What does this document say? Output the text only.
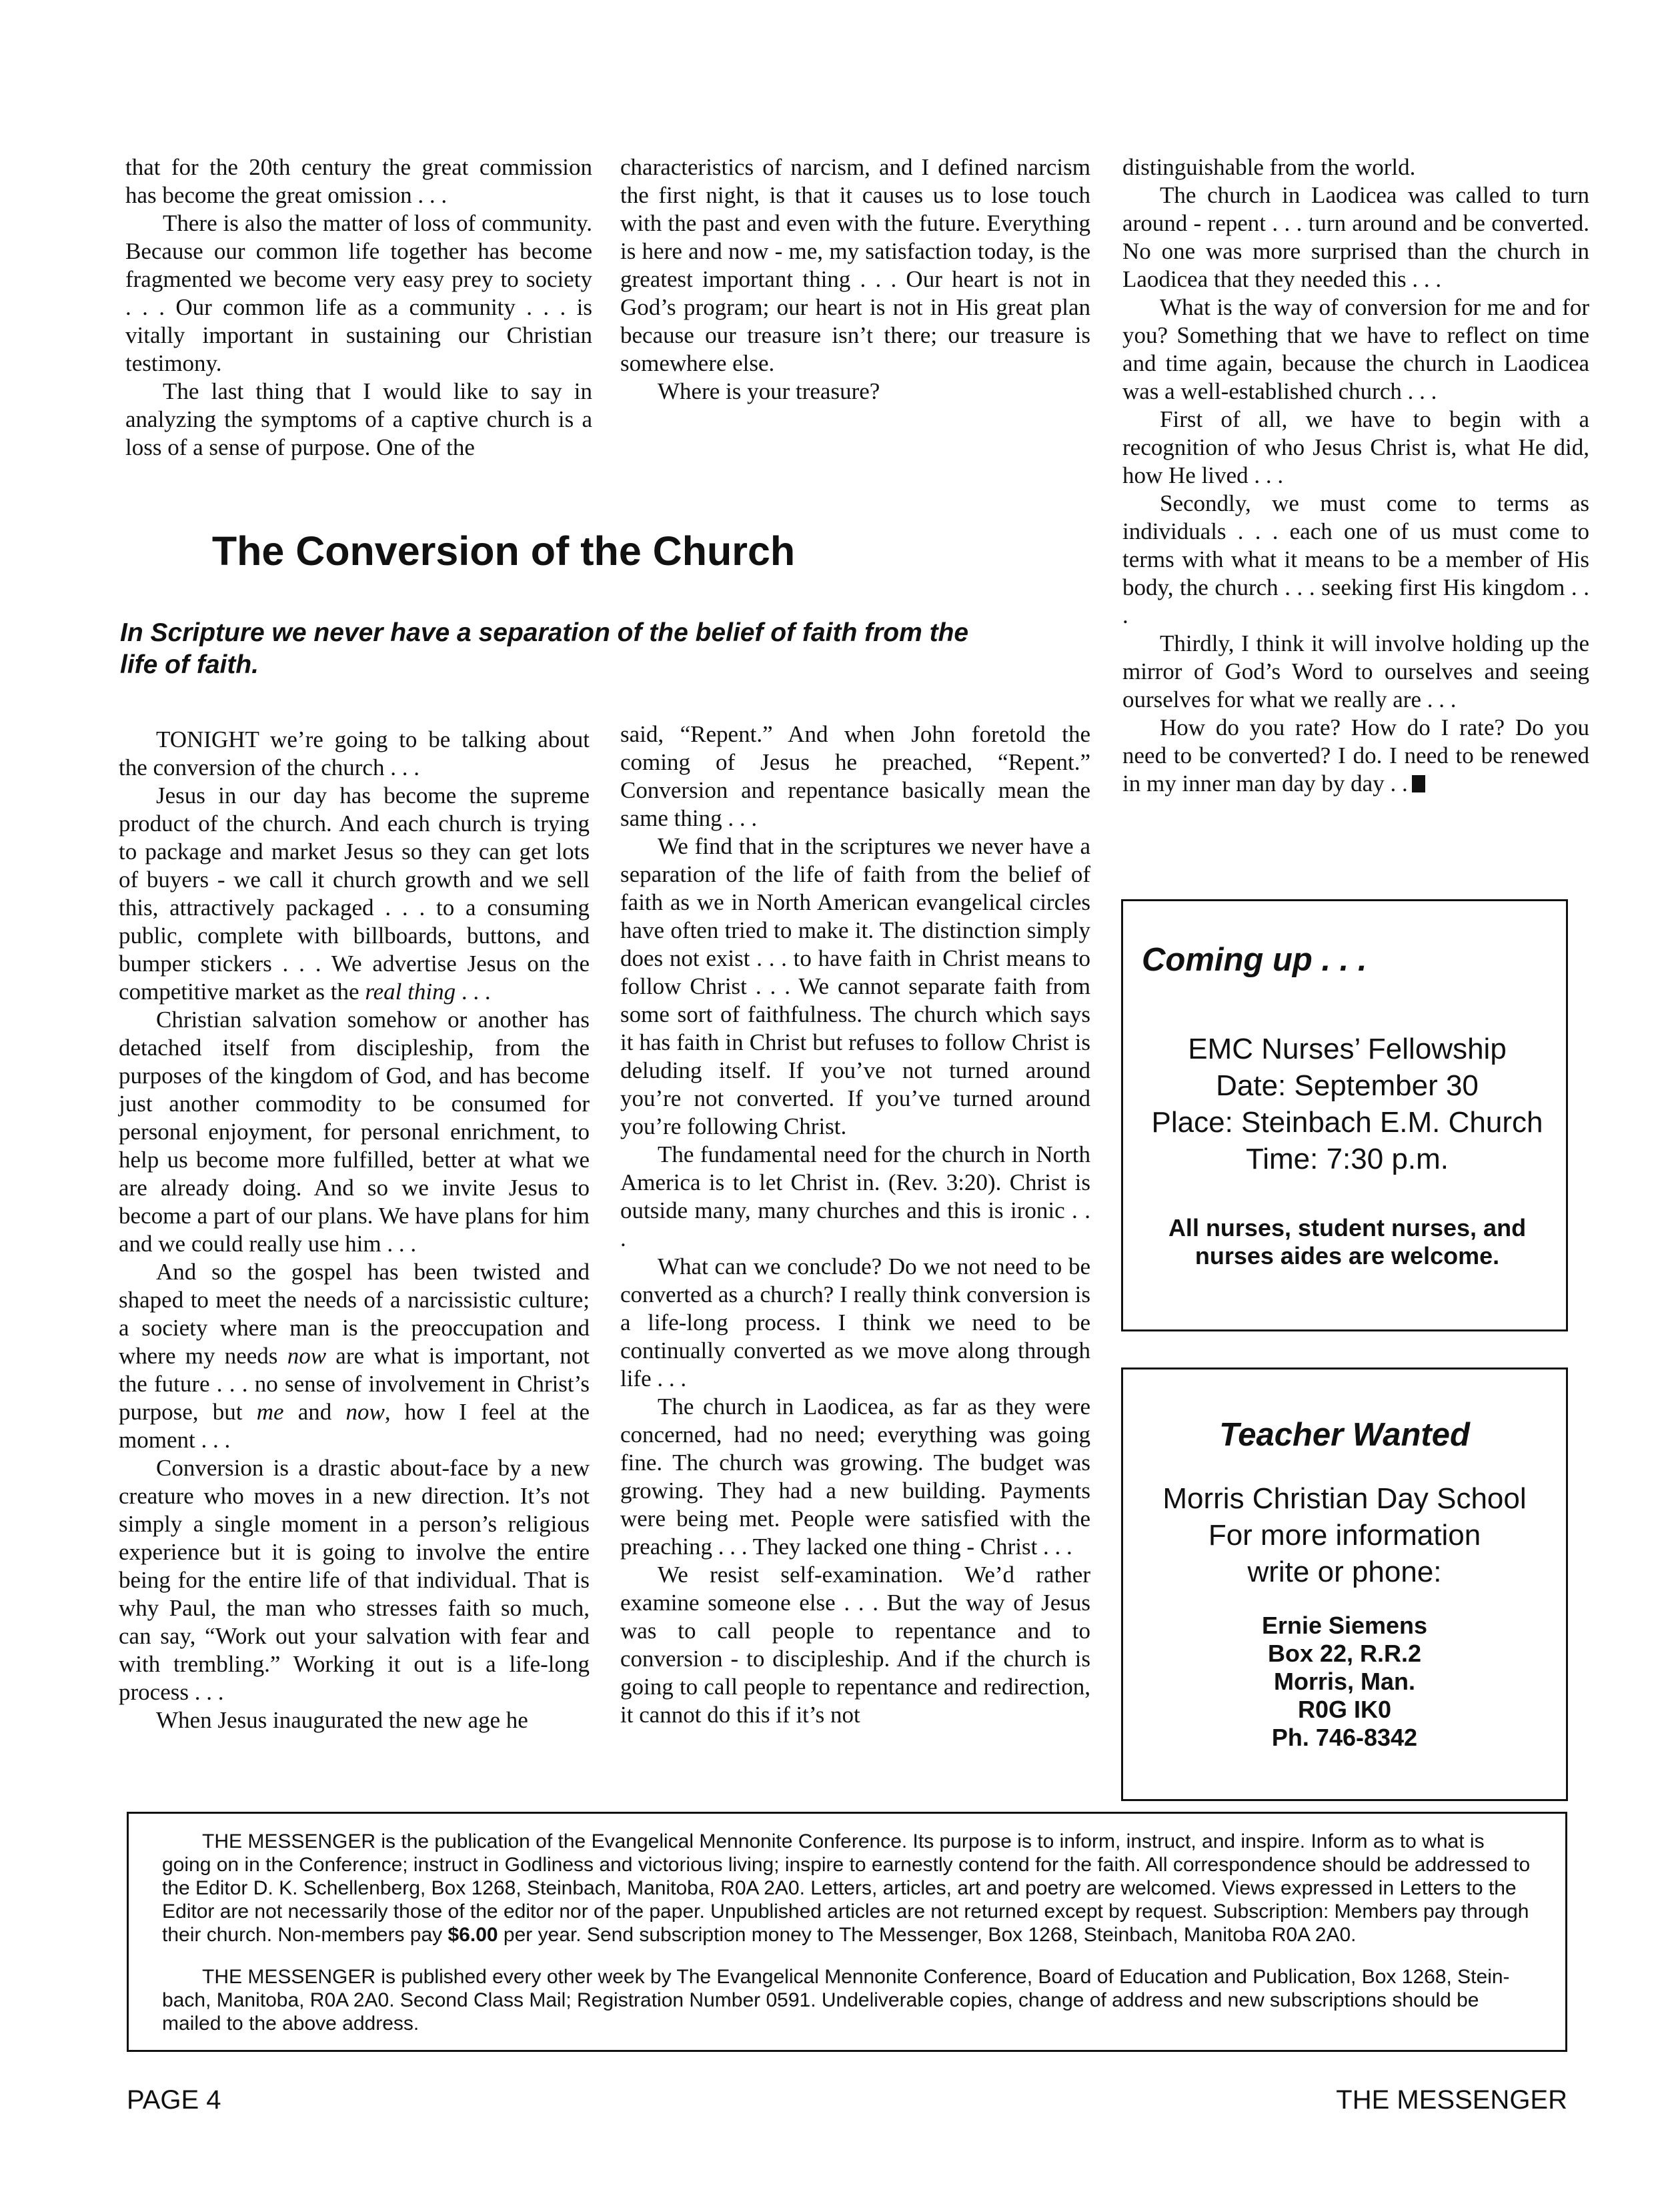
that for the 20th century the great commission has become the great omission . . .

There is also the matter of loss of community. Because our common life together has become fragmented we become very easy prey to society . . . Our common life as a community . . . is vitally important in sustaining our Christian testimony.

The last thing that I would like to say in analyzing the symptoms of a captive church is a loss of a sense of purpose. One of the

characteristics of narcism, and I defined narcism the first night, is that it causes us to lose touch with the past and even with the future. Everything is here and now - me, my satisfaction today, is the greatest important thing . . . Our heart is not in God’s program; our heart is not in His great plan because our treasure isn’t there; our treasure is somewhere else.

Where is your treasure?

distinguishable from the world.

The church in Laodicea was called to turn around - repent . . . turn around and be converted. No one was more surprised than the church in Laodicea that they needed this . . .

What is the way of conversion for me and for you? Something that we have to reflect on time and time again, because the church in Laodicea was a well-established church . . .

First of all, we have to begin with a recognition of who Jesus Christ is, what He did, how He lived . . .

Secondly, we must come to terms as individuals . . . each one of us must come to terms with what it means to be a member of His body, the church . . . seeking first His kingdom . . .

Thirdly, I think it will involve holding up the mirror of God’s Word to ourselves and seeing ourselves for what we really are . . .

How do you rate? How do I rate? Do you need to be converted? I do. I need to be renewed in my inner man day by day . .

The Conversion of the Church

In Scripture we never have a separation of the belief of faith from the life of faith.

TONIGHT we’re going to be talking about the conversion of the church . . .

Jesus in our day has become the supreme product of the church. And each church is trying to package and market Jesus so they can get lots of buyers - we call it church growth and we sell this, attractively packaged . . . to a consuming public, complete with billboards, buttons, and bumper stickers . . . We advertise Jesus on the competitive market as the real thing . . .

Christian salvation somehow or another has detached itself from discipleship, from the purposes of the kingdom of God, and has become just another commodity to be consumed for personal enjoyment, for personal enrichment, to help us become more fulfilled, better at what we are already doing. And so we invite Jesus to become a part of our plans. We have plans for him and we could really use him . . .

And so the gospel has been twisted and shaped to meet the needs of a narcissistic culture; a society where man is the preoccupation and where my needs now are what is important, not the future . . . no sense of involvement in Christ’s purpose, but me and now, how I feel at the moment . . .

Conversion is a drastic about-face by a new creature who moves in a new direction. It’s not simply a single moment in a person’s religious experience but it is going to involve the entire being for the entire life of that individual. That is why Paul, the man who stresses faith so much, can say, “Work out your salvation with fear and with trembling.” Working it out is a life-long process . . .

When Jesus inaugurated the new age he

said, “Repent.” And when John foretold the coming of Jesus he preached, “Repent.” Conversion and repentance basically mean the same thing . . .

We find that in the scriptures we never have a separation of the life of faith from the belief of faith as we in North American evangelical circles have often tried to make it. The distinction simply does not exist . . . to have faith in Christ means to follow Christ . . . We cannot separate faith from some sort of faithfulness. The church which says it has faith in Christ but refuses to follow Christ is deluding itself. If you’ve not turned around you’re not converted. If you’ve turned around you’re following Christ.

The fundamental need for the church in North America is to let Christ in. (Rev. 3:20). Christ is outside many, many churches and this is ironic . . .

What can we conclude? Do we not need to be converted as a church? I really think conversion is a life-long process. I think we need to be continually converted as we move along through life . . .

The church in Laodicea, as far as they were concerned, had no need; everything was going fine. The church was growing. The budget was growing. They had a new building. Payments were being met. People were satisfied with the preaching . . . They lacked one thing - Christ . . .

We resist self-examination. We’d rather examine someone else . . . But the way of Jesus was to call people to repentance and to conversion - to discipleship. And if the church is going to call people to repentance and redirection, it cannot do this if it’s not

Coming up . . .

EMC Nurses’ Fellowship

Date: September 30

Place: Steinbach E.M. Church

Time: 7:30 p.m.

All nurses, student nurses, and nurses aides are welcome.

Teacher Wanted

Morris Christian Day School

For more information

write or phone:

Ernie Siemens

Box 22, R.R.2

Morris, Man.

R0G IK0

Ph. 746-8342

THE MESSENGER is the publication of the Evangelical Mennonite Conference. Its purpose is to inform, instruct, and inspire. Inform as to what is going on in the Conference; instruct in Godliness and victorious living; inspire to earnestly contend for the faith. All correspondence should be addressed to the Editor D. K. Schellenberg, Box 1268, Steinbach, Manitoba, R0A 2A0. Letters, articles, art and poetry are welcomed. Views expressed in Letters to the Editor are not necessarily those of the editor nor of the paper. Unpublished articles are not returned except by request. Subscription: Members pay through their church. Non-members pay $6.00 per year. Send subscription money to The Messenger, Box 1268, Steinbach, Manitoba R0A 2A0.

THE MESSENGER is published every other week by The Evangelical Mennonite Conference, Board of Education and Publication, Box 1268, Steinbach, Manitoba, R0A 2A0. Second Class Mail; Registration Number 0591. Undeliverable copies, change of address and new subscriptions should be mailed to the above address.

PAGE 4	THE MESSENGER
